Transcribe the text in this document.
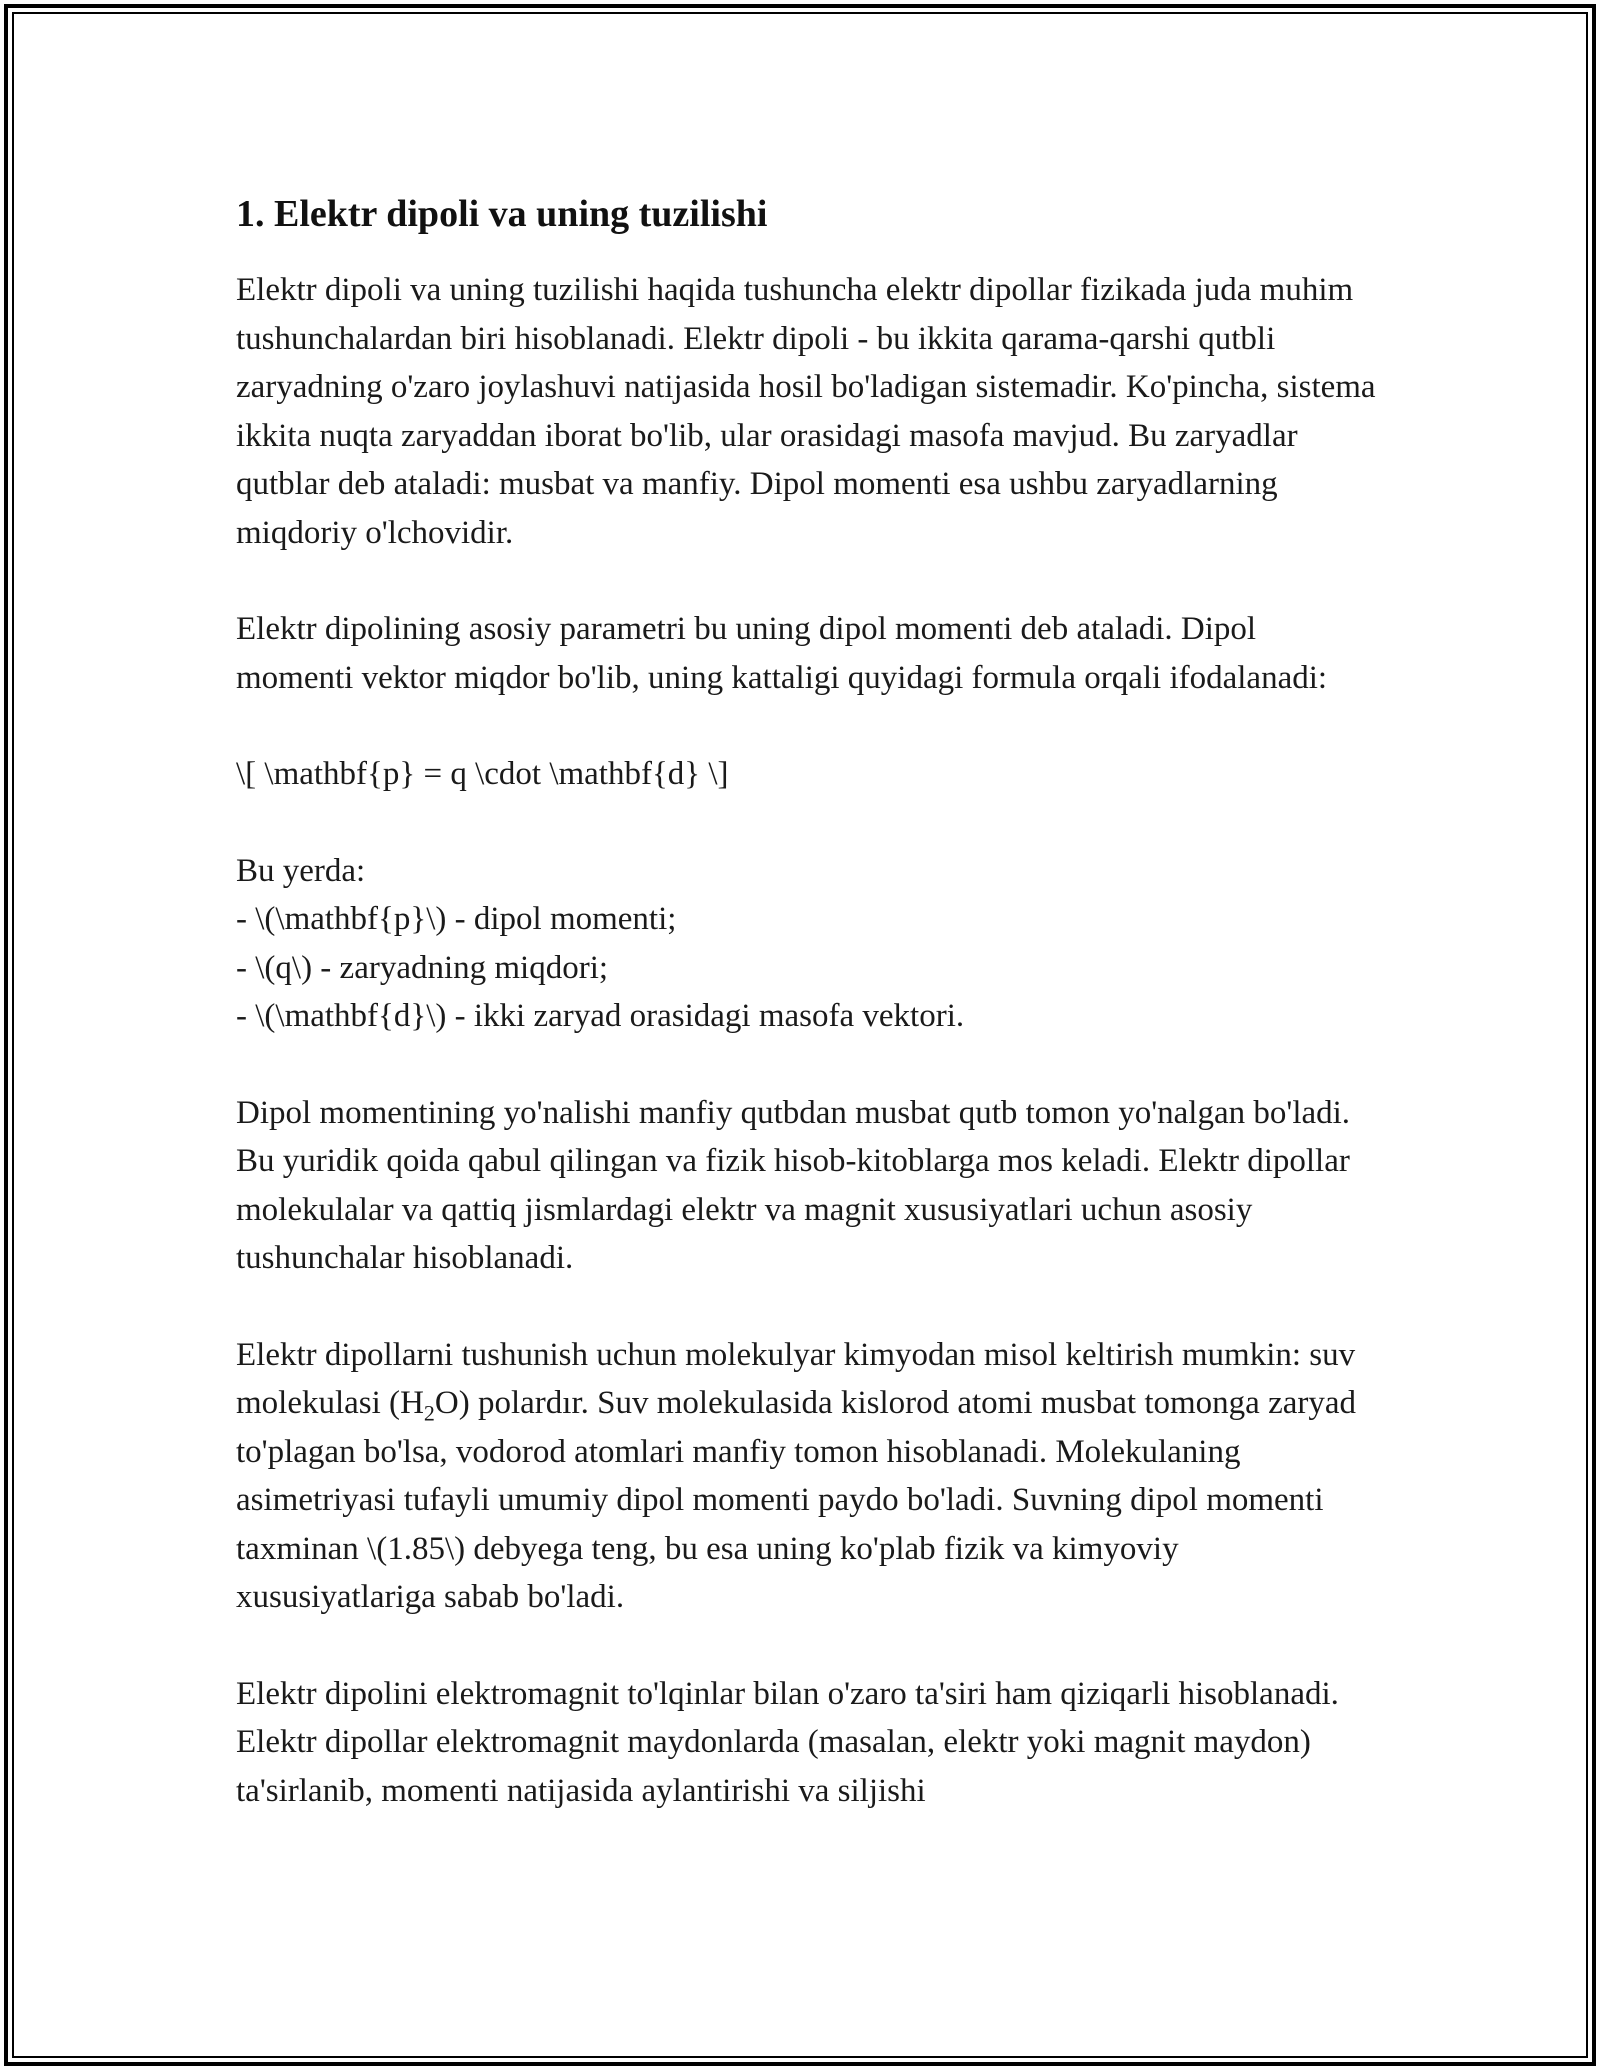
1. Elektr dipoli va uning tuzilishi

Elektr dipoli va uning tuzilishi haqida tushuncha elektr dipollar fizikada juda muhim tushunchalardan biri hisoblanadi. Elektr dipoli - bu ikkita qarama-qarshi qutbli zaryadning o'zaro joylashuvi natijasida hosil bo'ladigan sistemadir. Ko'pincha, sistema ikkita nuqta zaryaddan iborat bo'lib, ular orasidagi masofa mavjud. Bu zaryadlar qutblar deb ataladi: musbat va manfiy. Dipol momenti esa ushbu zaryadlarning miqdoriy o'lchovidir.

Elektr dipolining asosiy parametri bu uning dipol momenti deb ataladi. Dipol momenti vektor miqdor bo'lib, uning kattaligi quyidagi formula orqali ifodalanadi:

\[ \mathbf{p} = q \cdot \mathbf{d} \]

Bu yerda:
- \(\mathbf{p}\) - dipol momenti;
- \(q\) - zaryadning miqdori;
- \(\mathbf{d}\) - ikki zaryad orasidagi masofa vektori.

Dipol momentining yo'nalishi manfiy qutbdan musbat qutb tomon yo'nalgan bo'ladi. Bu yuridik qoida qabul qilingan va fizik hisob-kitoblarga mos keladi. Elektr dipollar molekulalar va qattiq jismlardagi elektr va magnit xususiyatlari uchun asosiy tushunchalar hisoblanadi.

Elektr dipollarni tushunish uchun molekulyar kimyodan misol keltirish mumkin: suv molekulasi $(H_2O)$ polardır. Suv molekulasida kislorod atomi musbat tomonga zaryad to'plagan bo'lsa, vodorod atomlari manfiy tomon hisoblanadi. Molekulaning asimetriyasi tufayli umumiy dipol momenti paydo bo'ladi. Suvning dipol momenti taxminan \(1.85\) debyega teng, bu esa uning ko'plab fizik va kimyoviy xususiyatlariga sabab bo'ladi.

Elektr dipolini elektromagnit to'lqinlar bilan o'zaro ta'siri ham qiziqarli hisoblanadi. Elektr dipollar elektromagnit maydonlarda (masalan, elektr yoki magnit maydon) ta'sirlanib, momenti natijasida aylantirishi va siljishi
